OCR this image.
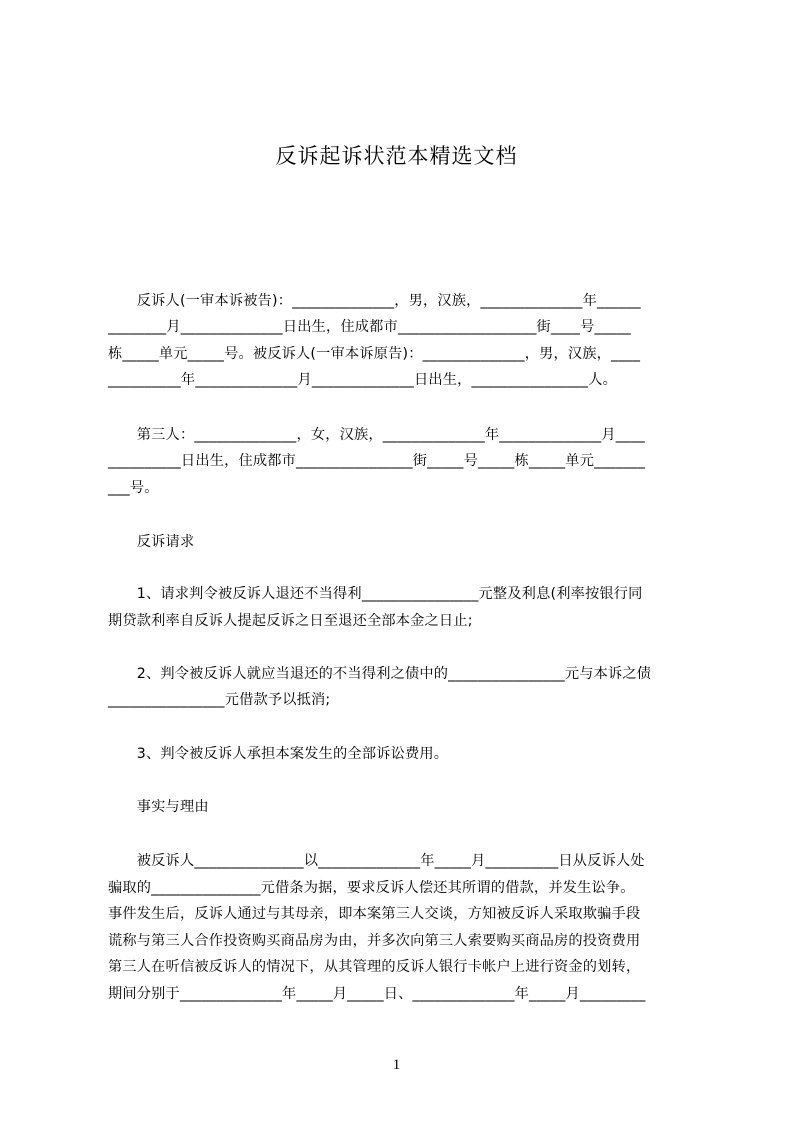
反诉起诉状范本精选文档
　　反诉人(一审本诉被告)：______________，男，汉族，______________年______
________月______________日出生，住成都市___________________街____号_____
栋_____单元_____号。被反诉人(一审本诉原告)：______________，男，汉族，____
__________年______________月______________日出生，________________人。
　　第三人：______________，女，汉族，______________年______________月____
__________日出生，住成都市________________街_____号_____栋_____单元_______
___号。
　　反诉请求
　　1、请求判令被反诉人退还不当得利________________元整及利息(利率按银行同
期贷款利率自反诉人提起反诉之日至退还全部本金之日止;
　　2、判令被反诉人就应当退还的不当得利之债中的________________元与本诉之债
________________元借款予以抵消;
　　3、判令被反诉人承担本案发生的全部诉讼费用。
　　事实与理由
　　被反诉人_______________以______________年_____月__________日从反诉人处
骗取的_______________元借条为据，要求反诉人偿还其所谓的借款，并发生讼争。
事件发生后，反诉人通过与其母亲，即本案第三人交谈，方知被反诉人采取欺骗手段
谎称与第三人合作投资购买商品房为由，并多次向第三人索要购买商品房的投资费用
第三人在听信被反诉人的情况下，从其管理的反诉人银行卡帐户上进行资金的划转，
期间分别于______________年_____月_____日、______________年_____月_________
1
